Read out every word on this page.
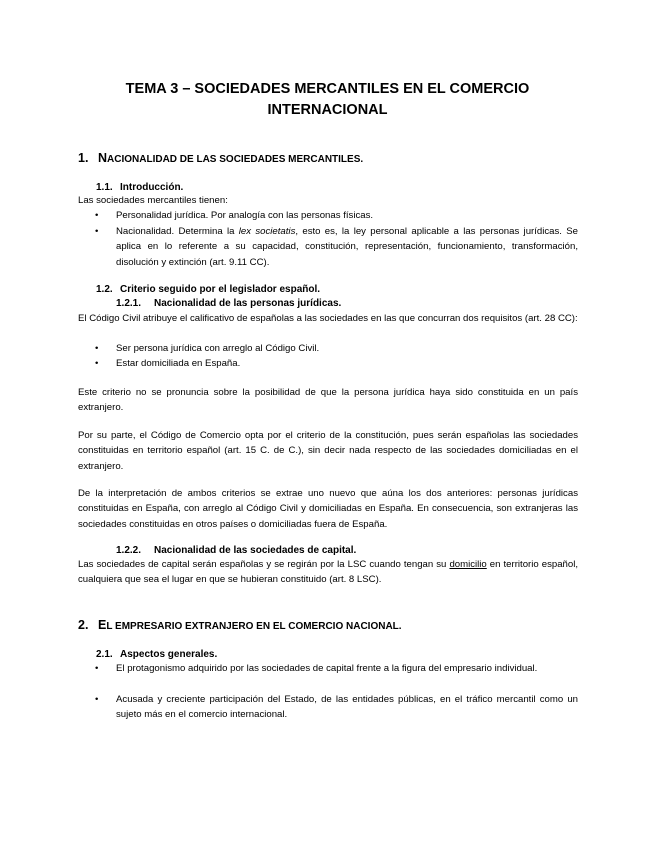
TEMA 3 – SOCIEDADES MERCANTILES EN EL COMERCIO
INTERNACIONAL
1. NACIONALIDAD DE LAS SOCIEDADES MERCANTILES.
1.1. Introducción.
Las sociedades mercantiles tienen:
• Personalidad jurídica. Por analogía con las personas físicas.
• Nacionalidad. Determina la lex societatis, esto es, la ley personal aplicable a las personas jurídicas. Se aplica en lo referente a su capacidad, constitución, representación, funcionamiento, transformación, disolución y extinción (art. 9.11 CC).
1.2. Criterio seguido por el legislador español.
1.2.1. Nacionalidad de las personas jurídicas.
El Código Civil atribuye el calificativo de españolas a las sociedades en las que concurran dos requisitos (art. 28 CC):
• Ser persona jurídica con arreglo al Código Civil.
• Estar domiciliada en España.
Este criterio no se pronuncia sobre la posibilidad de que la persona jurídica haya sido constituida en un país extranjero.
Por su parte, el Código de Comercio opta por el criterio de la constitución, pues serán españolas las sociedades constituidas en territorio español (art. 15 C. de C.), sin decir nada respecto de las sociedades domiciliadas en el extranjero.
De la interpretación de ambos criterios se extrae uno nuevo que aúna los dos anteriores: personas jurídicas constituidas en España, con arreglo al Código Civil y domiciliadas en España. En consecuencia, son extranjeras las sociedades constituidas en otros países o domiciliadas fuera de España.
1.2.2. Nacionalidad de las sociedades de capital.
Las sociedades de capital serán españolas y se regirán por la LSC cuando tengan su domicilio en territorio español, cualquiera que sea el lugar en que se hubieran constituido (art. 8 LSC).
2. EL EMPRESARIO EXTRANJERO EN EL COMERCIO NACIONAL.
2.1. Aspectos generales.
• El protagonismo adquirido por las sociedades de capital frente a la figura del empresario individual.
• Acusada y creciente participación del Estado, de las entidades públicas, en el tráfico mercantil como un sujeto más en el comercio internacional.
